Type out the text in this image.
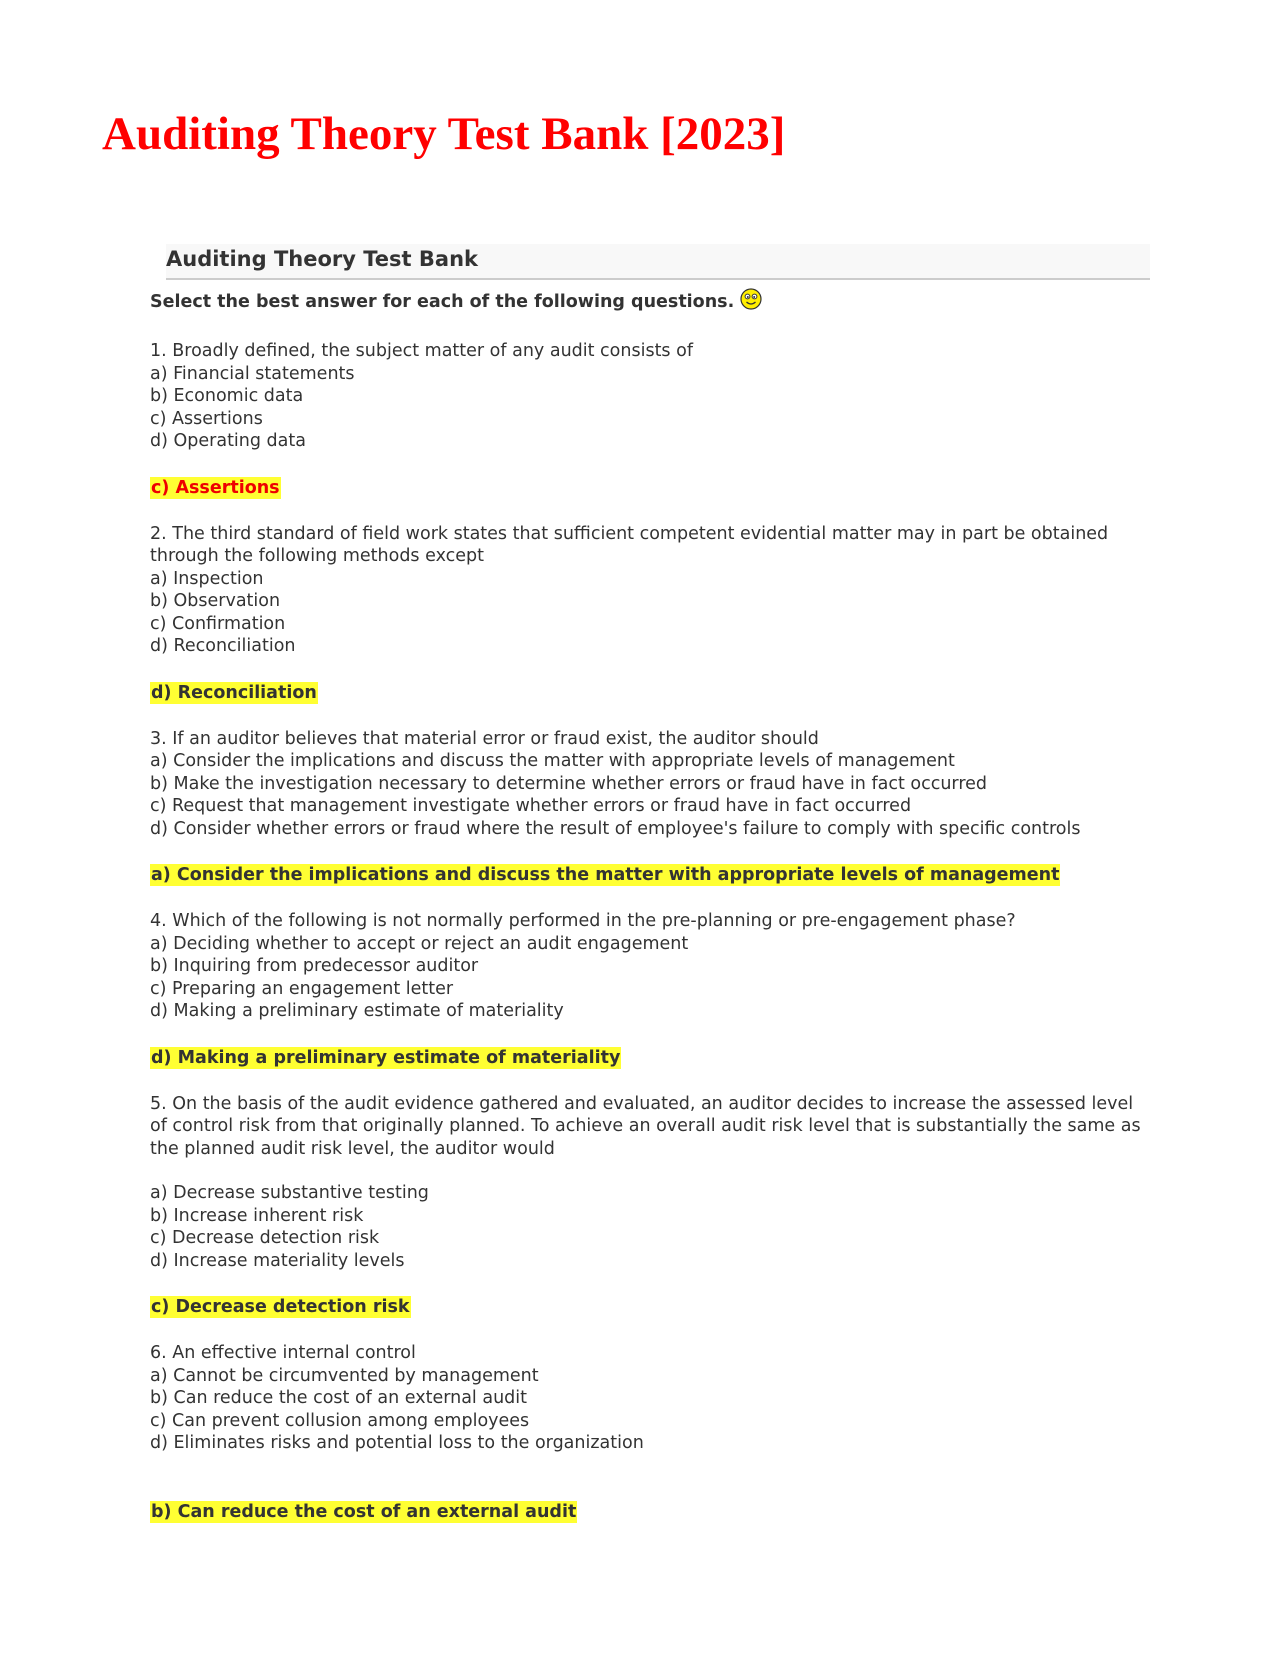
Auditing Theory Test Bank [2023]
Auditing Theory Test Bank

Select the best answer for each of the following questions.

1. Broadly defined, the subject matter of any audit consists of

a) Financial statements

b) Economic data

c) Assertions

d) Operating data

c) Assertions

2. The third standard of field work states that sufficient competent evidential matter may in part be obtained through the following methods except

a) Inspection

b) Observation

c) Confirmation

d) Reconciliation

d) Reconciliation

3. If an auditor believes that material error or fraud exist, the auditor should

a) Consider the implications and discuss the matter with appropriate levels of management

b) Make the investigation necessary to determine whether errors or fraud have in fact occurred

c) Request that management investigate whether errors or fraud have in fact occurred

d) Consider whether errors or fraud where the result of employee's failure to comply with specific controls

a) Consider the implications and discuss the matter with appropriate levels of management

4. Which of the following is not normally performed in the pre-planning or pre-engagement phase?

a) Deciding whether to accept or reject an audit engagement

b) Inquiring from predecessor auditor

c) Preparing an engagement letter

d) Making a preliminary estimate of materiality

d) Making a preliminary estimate of materiality

5. On the basis of the audit evidence gathered and evaluated, an auditor decides to increase the assessed level of control risk from that originally planned. To achieve an overall audit risk level that is substantially the same as the planned audit risk level, the auditor would

a) Decrease substantive testing

b) Increase inherent risk

c) Decrease detection risk

d) Increase materiality levels

c) Decrease detection risk

6. An effective internal control

a) Cannot be circumvented by management

b) Can reduce the cost of an external audit

c) Can prevent collusion among employees

d) Eliminates risks and potential loss to the organization

b) Can reduce the cost of an external audit
